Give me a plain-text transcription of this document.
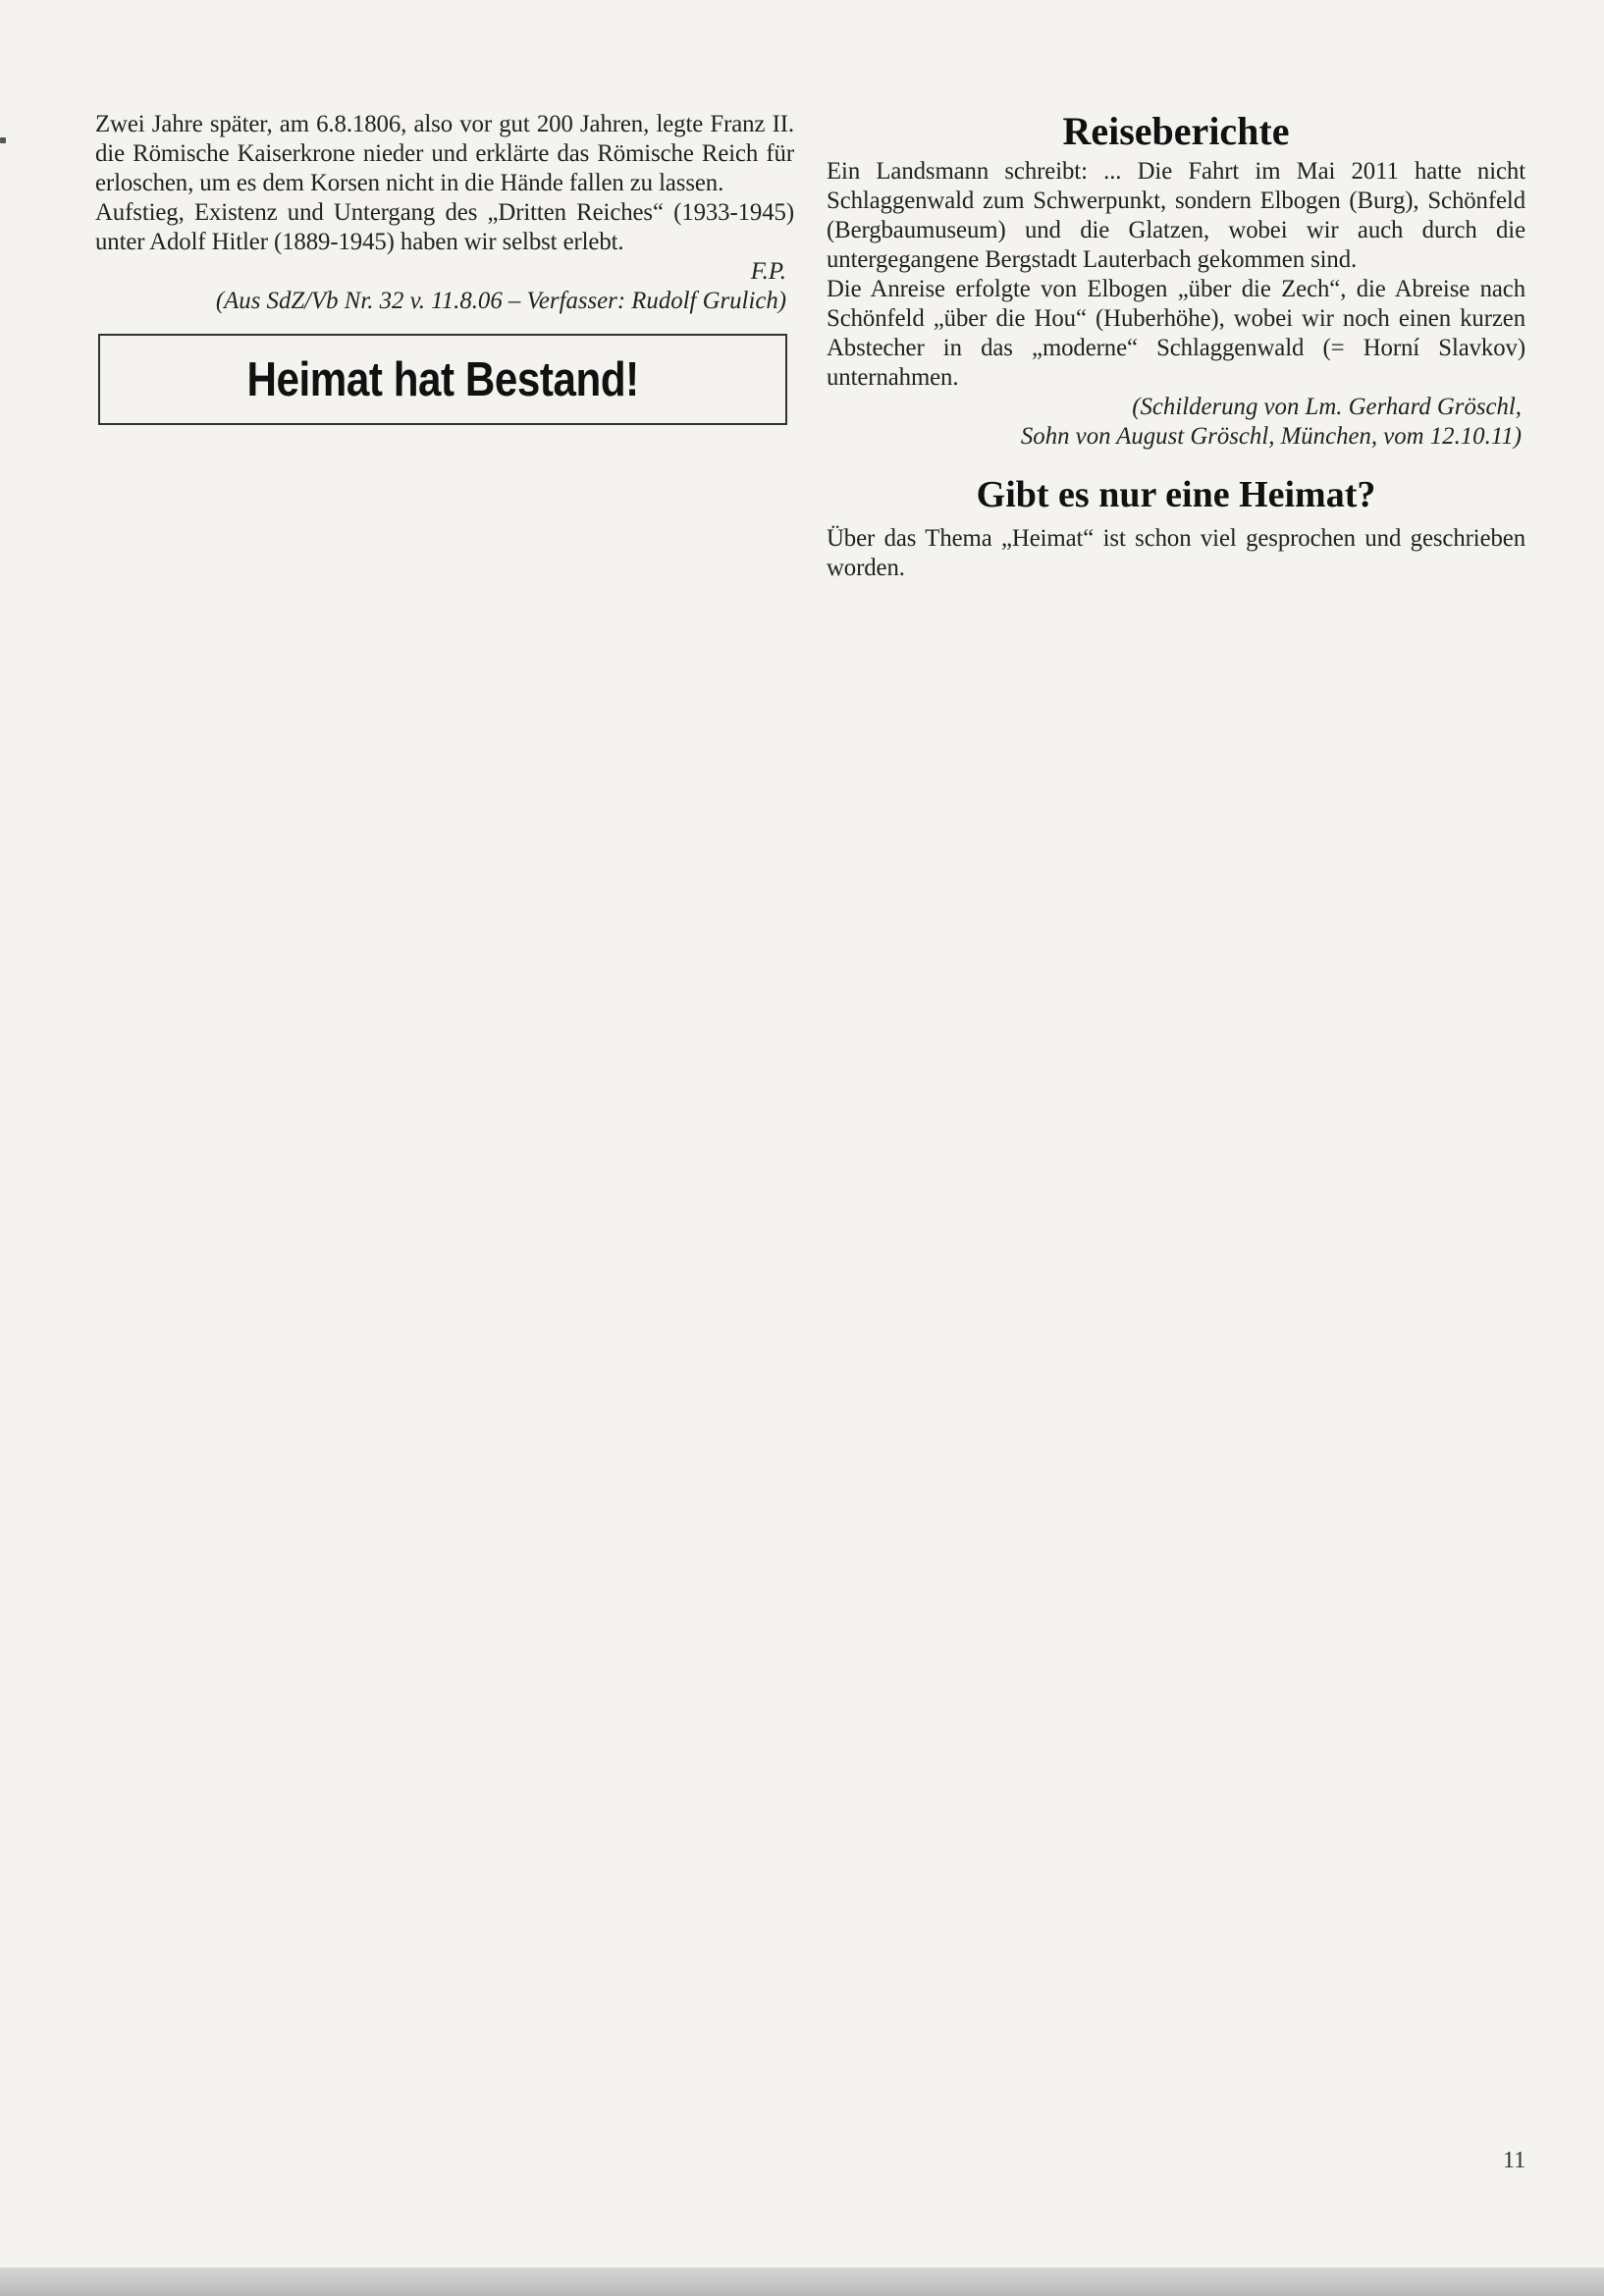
Zwei Jahre später, am 6.8.1806, also vor gut 200 Jahren, legte Franz II. die Römische Kaiserkrone nieder und erklärte das Römische Reich für erloschen, um es dem Korsen nicht in die Hände fallen zu lassen.

Aufstieg, Existenz und Untergang des „Dritten Reiches“ (1933-1945) unter Adolf Hitler (1889-1945) haben wir selbst erlebt.

F.P.

(Aus SdZ/Vb Nr. 32 v. 11.8.06 – Verfasser: Rudolf Grulich)

Heimat hat Bestand!
Reiseberichte

Ein Landsmann schreibt: ... Die Fahrt im Mai 2011 hatte nicht Schlaggenwald zum Schwerpunkt, sondern Elbogen (Burg), Schönfeld (Bergbaumuseum) und die Glatzen, wobei wir auch durch die untergegangene Bergstadt Lauterbach gekommen sind.

Die Anreise erfolgte von Elbogen „über die Zech“, die Abreise nach Schönfeld „über die Hou“ (Huberhöhe), wobei wir noch einen kurzen Abstecher in das „moderne“ Schlaggenwald (= Horní Slavkov) unternahmen.

(Schilderung von Lm. Gerhard Gröschl,

Sohn von August Gröschl, München, vom 12.10.11)

Gibt es nur eine Heimat?

Über das Thema „Heimat“ ist schon viel gesprochen und geschrieben worden.

11
